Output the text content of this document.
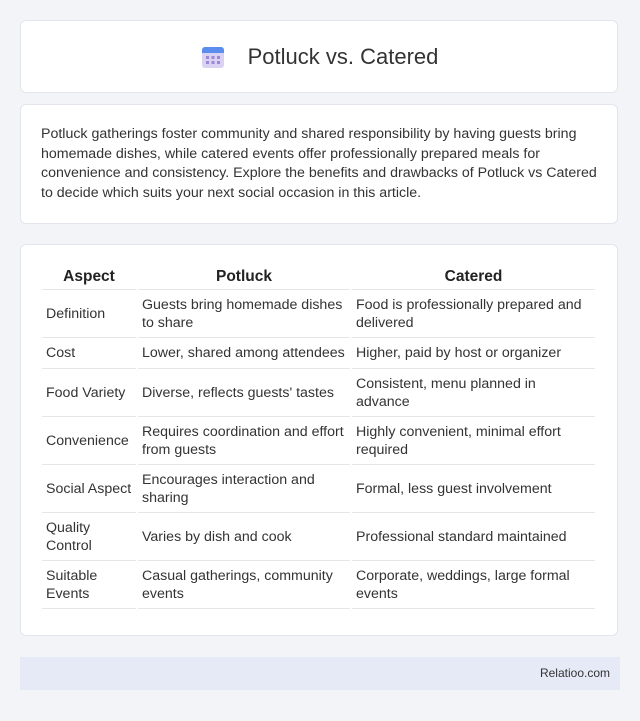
Potluck vs. Catered

Potluck gatherings foster community and shared responsibility by having guests bring homemade dishes, while catered events offer professionally prepared meals for convenience and consistency. Explore the benefits and drawbacks of Potluck vs Catered to decide which suits your next social occasion in this article.

Aspect	Potluck	Catered
Definition	Guests bring homemade dishes to share	Food is professionally prepared and delivered
Cost	Lower, shared among attendees	Higher, paid by host or organizer
Food Variety	Diverse, reflects guests' tastes	Consistent, menu planned in advance
Convenience	Requires coordination and effort from guests	Highly convenient, minimal effort required
Social Aspect	Encourages interaction and sharing	Formal, less guest involvement
Quality Control	Varies by dish and cook	Professional standard maintained
Suitable Events	Casual gatherings, community events	Corporate, weddings, large formal events
Relatioo.com
